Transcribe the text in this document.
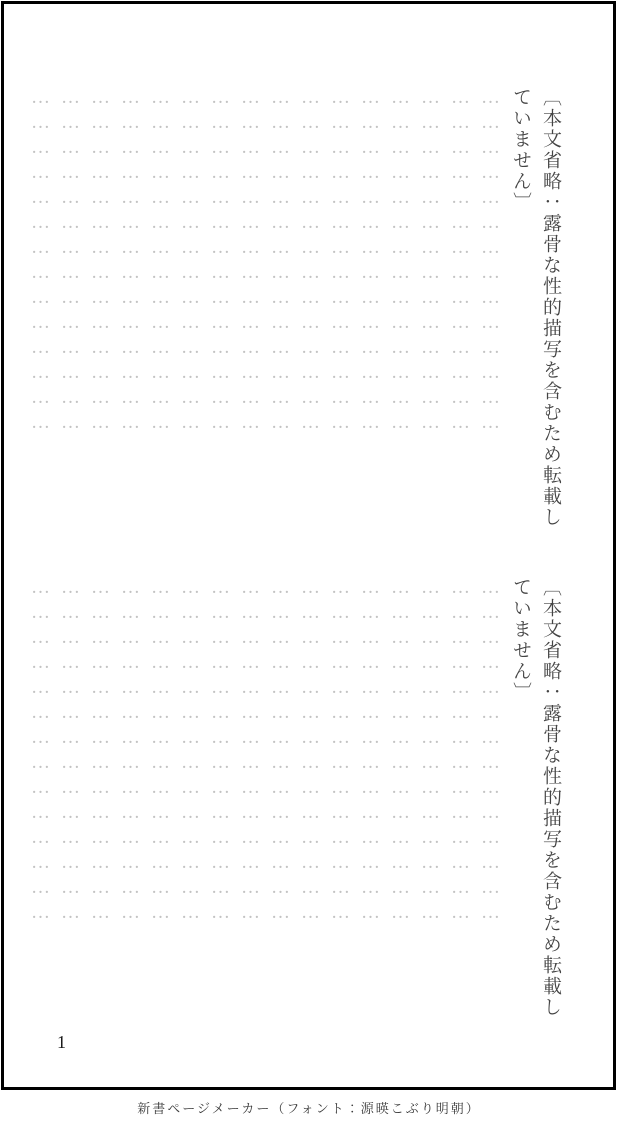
〔本文省略：露骨な性的描写を含むため転載していません〕
……………………………………
……………………………………
……………………………………
……………………………………
……………………………………
……………………………………
……………………………………
……………………………………
……………………………………
……………………………………
……………………………………
……………………………………
……………………………………
……………………………………
……………………………………
……………………………………
〔本文省略：露骨な性的描写を含むため転載していません〕
……………………………………
……………………………………
……………………………………
……………………………………
……………………………………
……………………………………
……………………………………
……………………………………
……………………………………
……………………………………
……………………………………
……………………………………
……………………………………
……………………………………
……………………………………
……………………………………
1
新書ページメーカー（フォント：源暎こぶり明朝）
